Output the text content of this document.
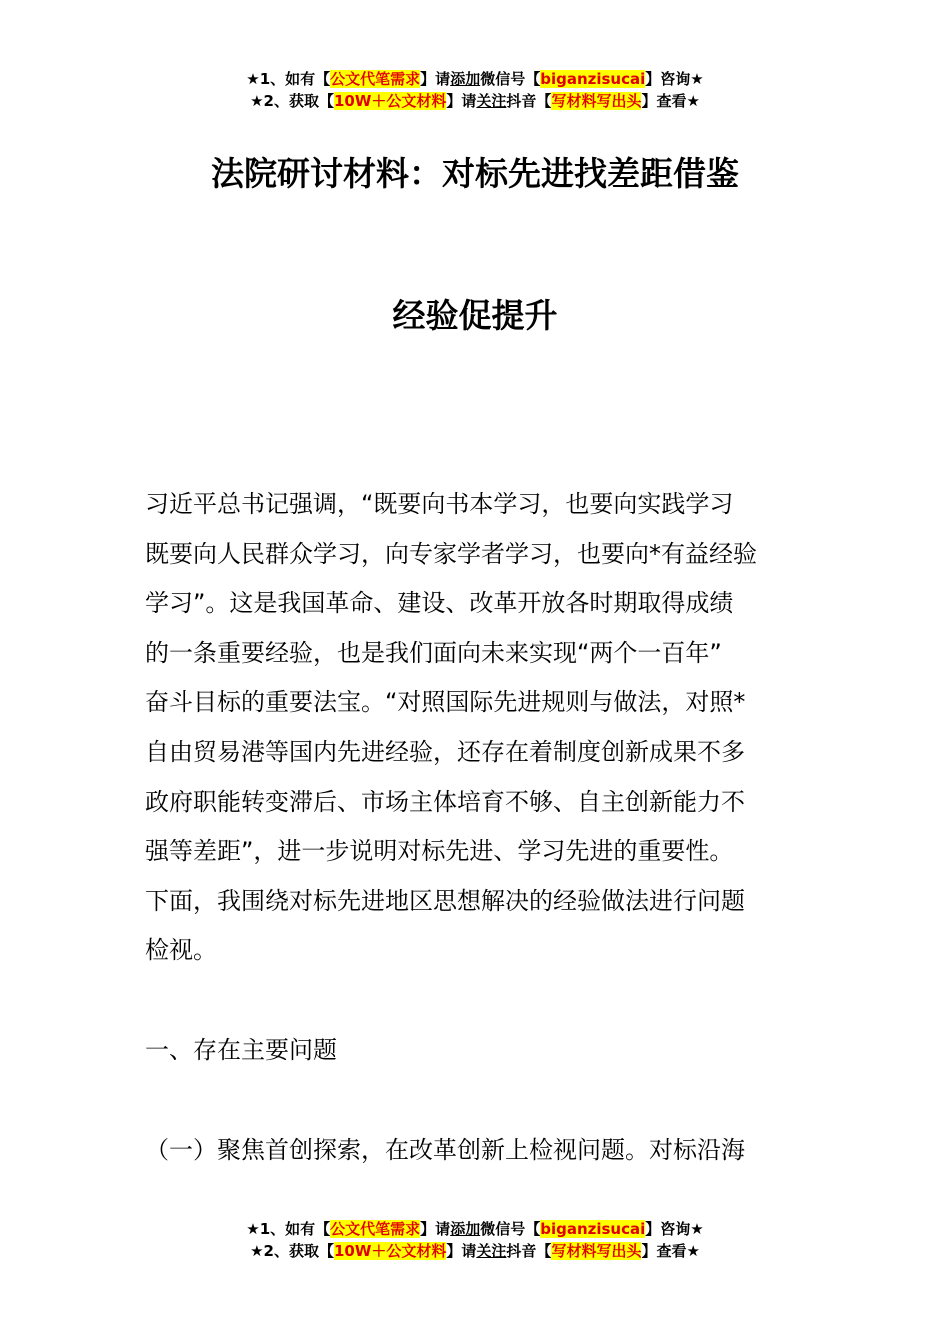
★1、如有【公文代笔需求】请添加微信号【biganzisucai】咨询★
★2、获取【10W＋公文材料】请关注抖音【写材料写出头】查看★
法院研讨材料：对标先进找差距借鉴
经验促提升
习近平总书记强调，“既要向书本学习，也要向实践学习
既要向人民群众学习，向专家学者学习，也要向*有益经验
学习”。这是我国革命、建设、改革开放各时期取得成绩
的一条重要经验，也是我们面向未来实现“两个一百年”
奋斗目标的重要法宝。“对照国际先进规则与做法，对照*
自由贸易港等国内先进经验，还存在着制度创新成果不多
政府职能转变滞后、市场主体培育不够、自主创新能力不
强等差距”，进一步说明对标先进、学习先进的重要性。
下面，我围绕对标先进地区思想解决的经验做法进行问题
检视。
一、存在主要问题
（一）聚焦首创探索，在改革创新上检视问题。对标沿海
★1、如有【公文代笔需求】请添加微信号【biganzisucai】咨询★
★2、获取【10W＋公文材料】请关注抖音【写材料写出头】查看★
